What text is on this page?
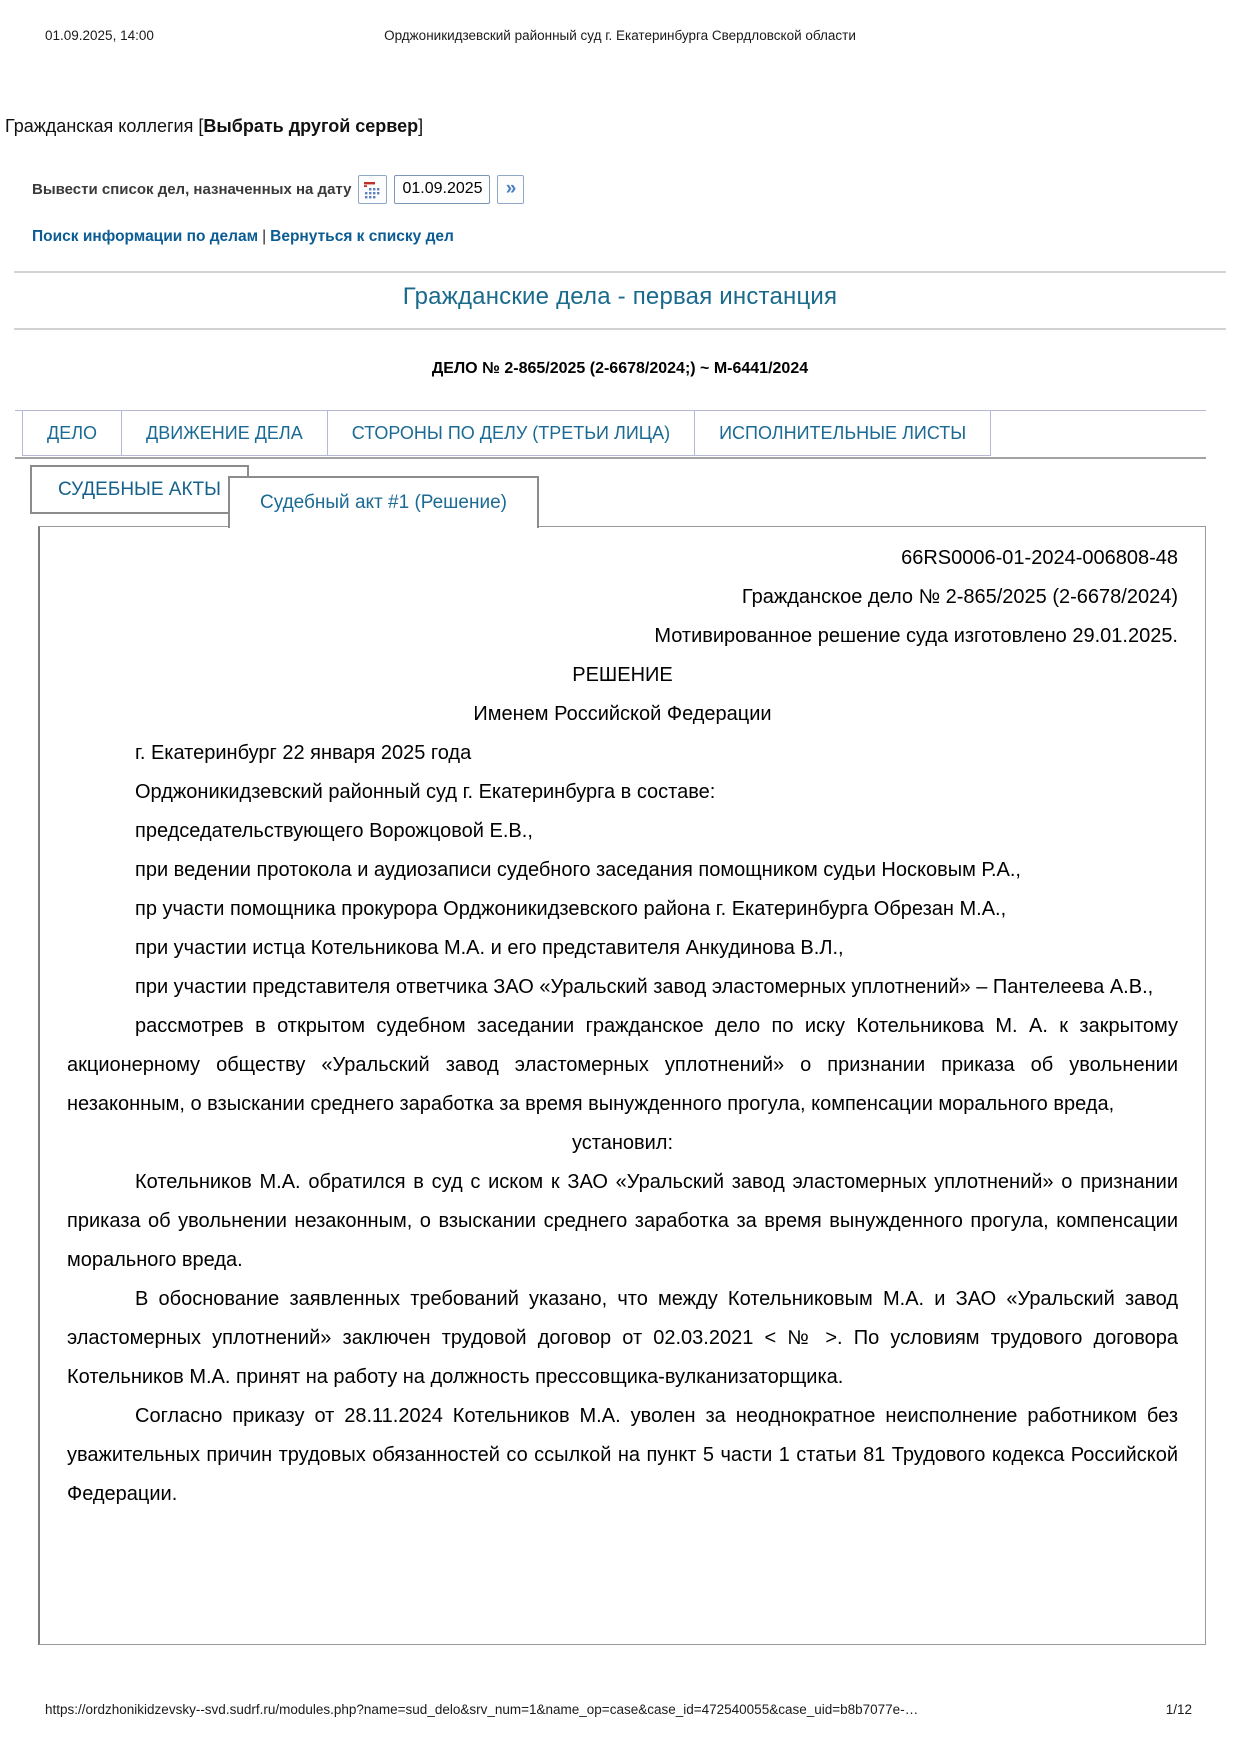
01.09.2025, 14:00	Орджоникидзевский районный суд г. Екатеринбурга Свердловской области
Гражданская коллегия [Выбрать другой сервер]
Вывести список дел, назначенных на дату
01.09.2025	»
Поиск информации по делам | Вернуться к списку дел
Гражданские дела - первая инстанция
ДЕЛО № 2-865/2025 (2-6678/2024;) ~ М-6441/2024
ДЕЛО	ДВИЖЕНИЕ ДЕЛА	СТОРОНЫ ПО ДЕЛУ (ТРЕТЬИ ЛИЦА)	ИСПОЛНИТЕЛЬНЫЕ ЛИСТЫ
СУДЕБНЫЕ АКТЫ
Судебный акт #1 (Решение)

66RS0006-01-2024-006808-48

Гражданское дело № 2-865/2025 (2-6678/2024)

Мотивированное решение суда изготовлено 29.01.2025.

РЕШЕНИЕ

Именем Российской Федерации

г. Екатеринбург 22 января 2025 года

Орджоникидзевский районный суд г. Екатеринбурга в составе:

председательствующего Ворожцовой Е.В.,

при ведении протокола и аудиозаписи судебного заседания помощником судьи Носковым Р.А.,

пр участи помощника прокурора Орджоникидзевского района г. Екатеринбурга Обрезан М.А.,

при участии истца Котельникова М.А. и его представителя Анкудинова В.Л.,

при участии представителя ответчика ЗАО «Уральский завод эластомерных уплотнений» – Пантелеева А.В.,

рассмотрев в открытом судебном заседании гражданское дело по иску Котельникова М. А. к закрытому акционерному обществу «Уральский завод эластомерных уплотнений» о признании приказа об увольнении незаконным, о взыскании среднего заработка за время вынужденного прогула, компенсации морального вреда,

установил:

Котельников М.А. обратился в суд с иском к ЗАО «Уральский завод эластомерных уплотнений» о признании приказа об увольнении незаконным, о взыскании среднего заработка за время вынужденного прогула, компенсации морального вреда.

В обоснование заявленных требований указано, что между Котельниковым М.А. и ЗАО «Уральский завод эластомерных уплотнений» заключен трудовой договор от 02.03.2021 < № >. По условиям трудового договора Котельников М.А. принят на работу на должность прессовщика-вулканизаторщика.

Согласно приказу от 28.11.2024 Котельников М.А. уволен за неоднократное неисполнение работником без уважительных причин трудовых обязанностей со ссылкой на пункт 5 части 1 статьи 81 Трудового кодекса Российской Федерации.

https://ordzhonikidzevsky--svd.sudrf.ru/modules.php?name=sud_delo&srv_num=1&name_op=case&case_id=472540055&case_uid=b8b7077e-…	1/12
